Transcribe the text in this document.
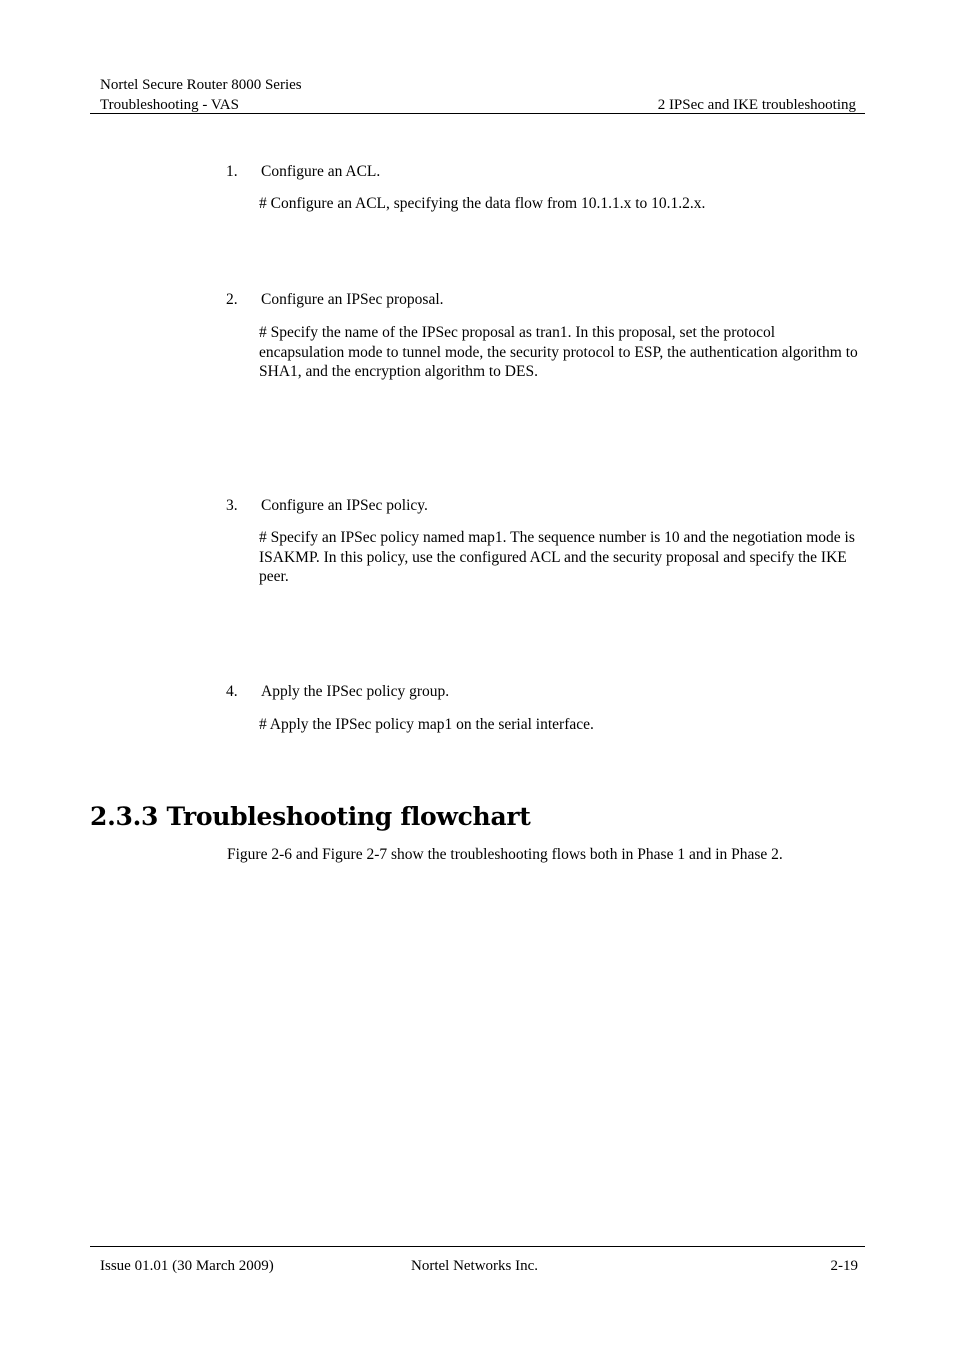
Nortel Secure Router 8000 Series
Troubleshooting - VAS	2 IPSec and IKE troubleshooting
1. Configure an ACL.
# Configure an ACL, specifying the data flow from 10.1.1.x to 10.1.2.x.
2. Configure an IPSec proposal.
# Specify the name of the IPSec proposal as tran1. In this proposal, set the protocol encapsulation mode to tunnel mode, the security protocol to ESP, the authentication algorithm to SHA1, and the encryption algorithm to DES.
3. Configure an IPSec policy.
# Specify an IPSec policy named map1. The sequence number is 10 and the negotiation mode is ISAKMP. In this policy, use the configured ACL and the security proposal and specify the IKE peer.
4. Apply the IPSec policy group.
# Apply the IPSec policy map1 on the serial interface.
2.3.3 Troubleshooting flowchart
Figure 2-6 and Figure 2-7 show the troubleshooting flows both in Phase 1 and in Phase 2.
Issue 01.01 (30 March 2009)	Nortel Networks Inc.	2-19
